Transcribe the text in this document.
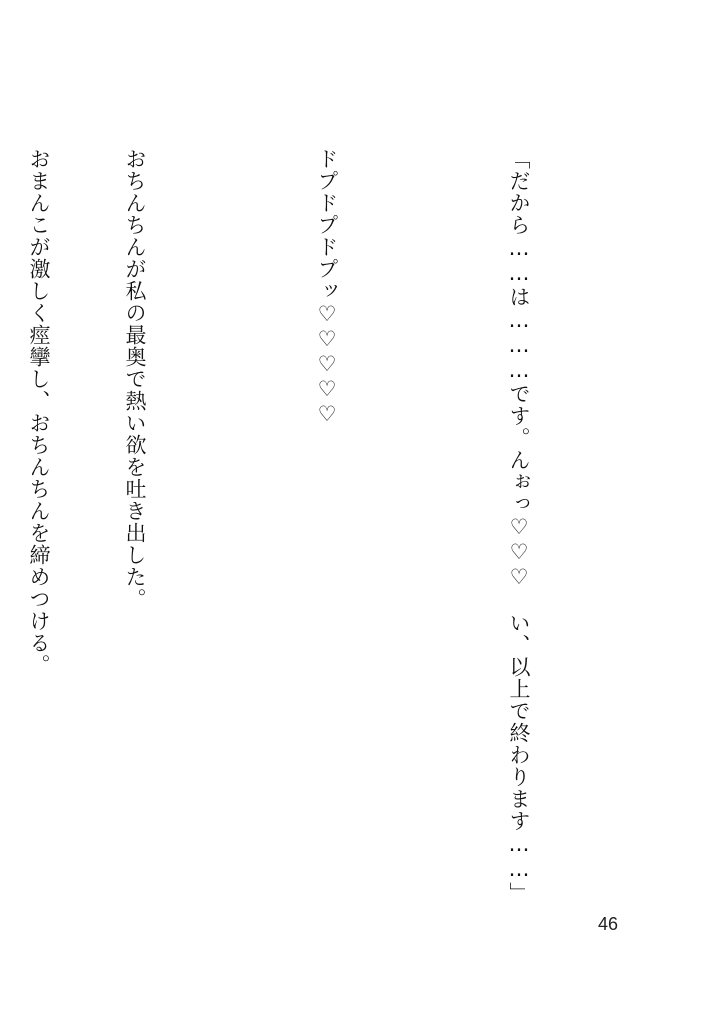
「だから……は………です。んぉっ♡♡♡　い、以上で終わります……」

ドプドプドプッ♡♡♡♡♡

おちんちんが私の最奥で熱い欲を吐き出した。

おまんこが激しく痙攣し、おちんちんを締めつける。

46
